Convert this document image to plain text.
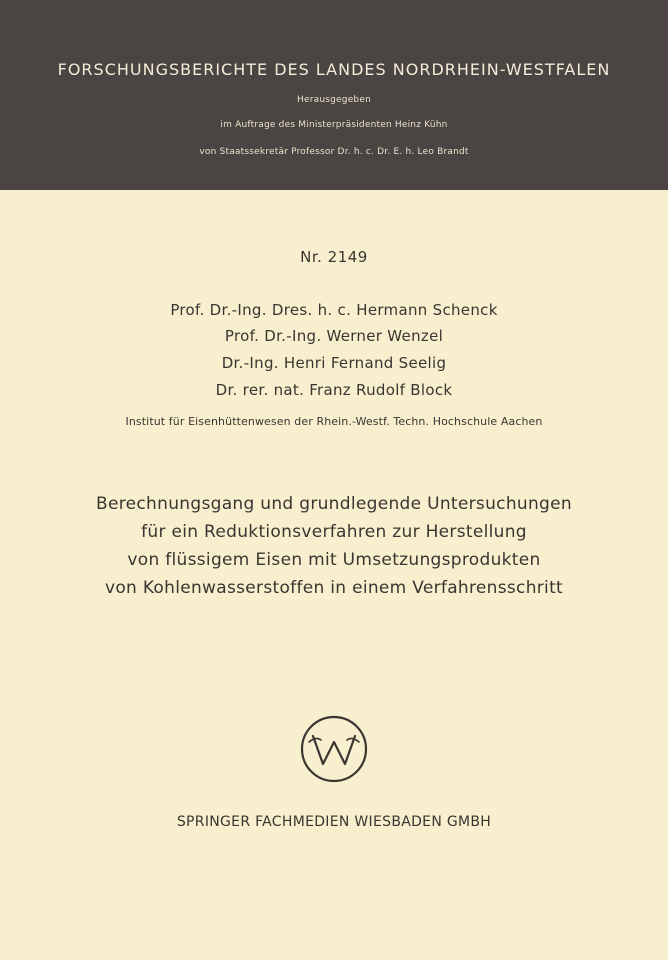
FORSCHUNGSBERICHTE DES LANDES NORDRHEIN-WESTFALEN
Herausgegeben
im Auftrage des Ministerpräsidenten Heinz Kühn
von Staatssekretär Professor Dr. h. c. Dr. E. h. Leo Brandt
Nr. 2149
Prof. Dr.-Ing. Dres. h. c. Hermann Schenck
Prof. Dr.-Ing. Werner Wenzel
Dr.-Ing. Henri Fernand Seelig
Dr. rer. nat. Franz Rudolf Block
Institut für Eisenhüttenwesen der Rhein.-Westf. Techn. Hochschule Aachen
Berechnungsgang und grundlegende Untersuchungen
für ein Reduktionsverfahren zur Herstellung
von flüssigem Eisen mit Umsetzungsprodukten
von Kohlenwasserstoffen in einem Verfahrensschritt
SPRINGER FACHMEDIEN WIESBADEN GMBH
